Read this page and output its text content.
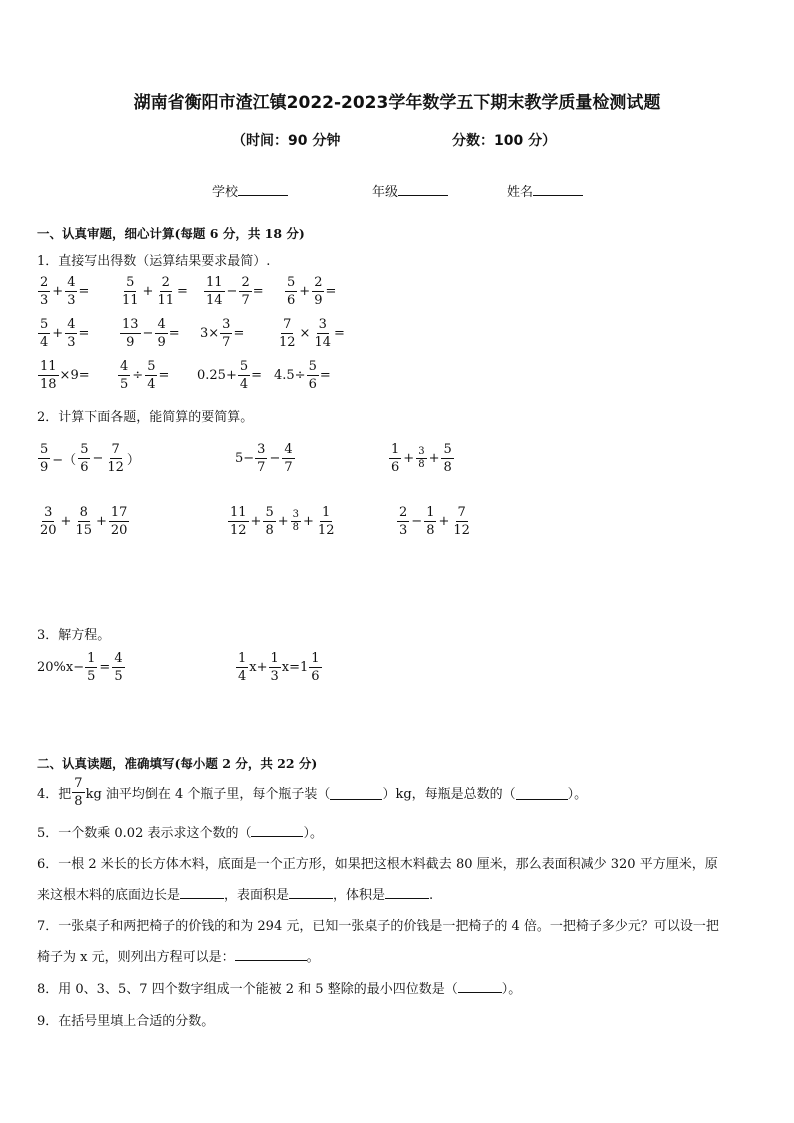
湖南省衡阳市渣江镇2022-2023学年数学五下期末教学质量检测试题
（时间：90 分钟	分数：100 分）
学校	年级	姓名
一、认真审题，细心计算(每题 6 分，共 18 分)
1．直接写出得数（运算结果要求最简）.
$\frac{2}{3} + \frac{4}{3} = \frac{5}{11} + \frac{2}{11} = \frac{11}{14} - \frac{2}{7} = \frac{5}{6} + \frac{2}{9}$ =
$\frac{5}{4} + \frac{4}{3} = \frac{13}{9} - \frac{4}{9} = 3\times \frac{3}{7}$ =	$\frac{7}{12} \times \frac{3}{14}$ =
$\frac{11}{18} \times 9= \frac{4}{5} \div \frac{5}{4} = 0.25+ \frac{5}{4} = 4.5\div \frac{5}{6}$ =
2．计算下面各题，能简算的要简算。
$\frac{5}{9}$ −（ $\frac{5}{6} - \frac{7}{12}$ ）	$5- \frac{3}{7} - \frac{4}{7}$	$\frac{1}{6} + \frac{3}{8} + \frac{5}{8}$
$\frac{3}{20} + \frac{8}{15} + \frac{17}{20}$	$\frac{11}{12} + \frac{5}{8} + \frac{3}{8} + \frac{1}{12}$	$\frac{2}{3} - \frac{1}{8} + \frac{7}{12}$
3．解方程。
$20\%x- \frac{1}{5} = \frac{4}{5}$	$\frac{1}{4} x+ \frac{1}{3} x=1 \frac{1}{6}$
二、认真读题，准确填写(每小题 2 分，共 22 分)
4．把 $\frac{7}{8}$ kg 油平均倒在 4 个瓶子里，每个瓶子装（	）kg，每瓶是总数的（	）。
5．一个数乘 0.02 表示求这个数的（	）。
6．一根 2 米长的长方体木料，底面是一个正方形，如果把这根木料截去 80 厘米，那么表面积减少 320 平方厘米，原
来这根木料的底面边长是	，表面积是	，体积是	.
7．一张桌子和两把椅子的价钱的和为 294 元，已知一张桌子的价钱是一把椅子的 4 倍。一把椅子多少元？可以设一把
椅子为 x 元，则列出方程可以是：	。
8．用 0、3、5、7 四个数字组成一个能被 2 和 5 整除的最小四位数是（	）。
9．在括号里填上合适的分数。
